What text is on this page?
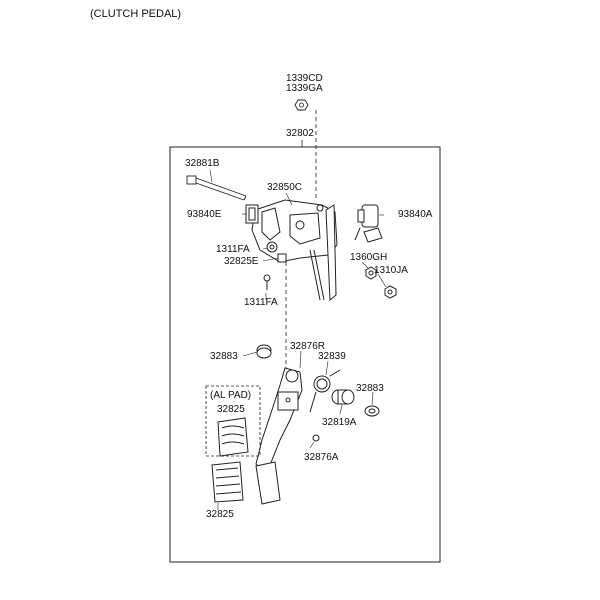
(CLUTCH PEDAL)
1339CD
1339GA
32802
32881B
32850C
93840E	93840A
1311FA
32825E	1360GH
1310JA
1311FA
32883
32876R
32839
32883
(AL PAD)
32825
32819A
32876A
32825
